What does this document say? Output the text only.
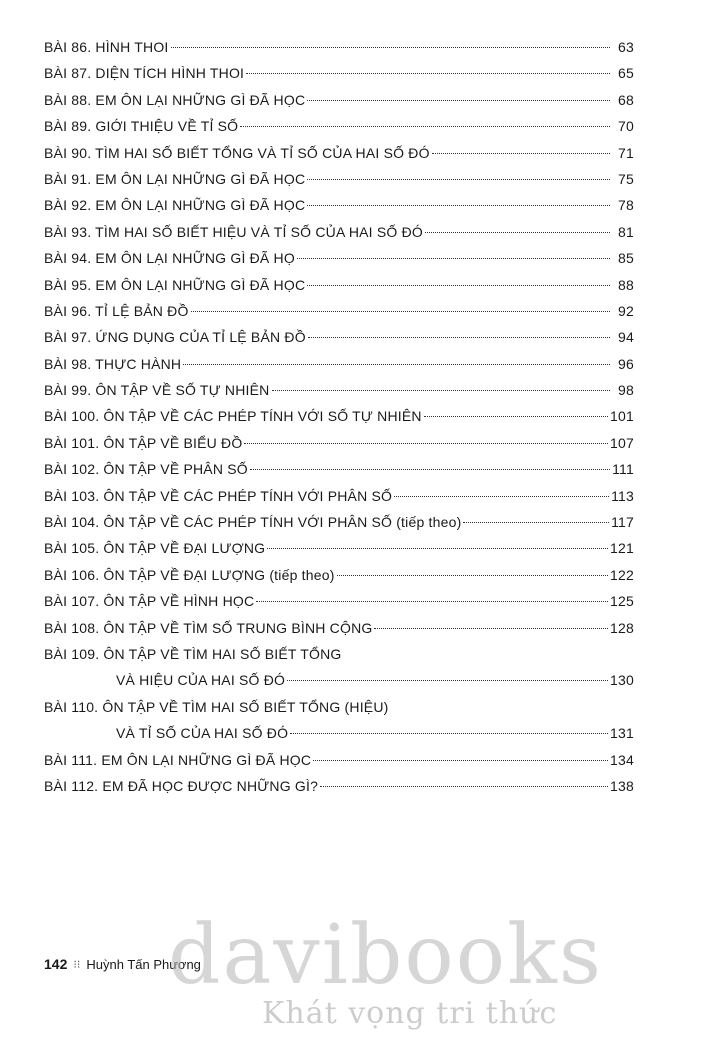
BÀI 86. HÌNH THOI	63
BÀI 87. DIỆN TÍCH HÌNH THOI	65
BÀI 88. EM ÔN LẠI NHỮNG GÌ ĐÃ HỌC	68
BÀI 89. GIỚI THIỆU VỀ TỈ SỐ	70
BÀI 90. TÌM HAI SỐ BIẾT TỔNG VÀ TỈ SỐ CỦA HAI SỐ ĐÓ	71
BÀI 91. EM ÔN LẠI NHỮNG GÌ ĐÃ HỌC	75
BÀI 92. EM ÔN LẠI NHỮNG GÌ ĐÃ HỌC	78
BÀI 93. TÌM HAI SỐ BIẾT HIỆU VÀ TỈ SỐ CỦA HAI SỐ ĐÓ	81
BÀI 94. EM ÔN LẠI NHỮNG GÌ ĐÃ HỌ	85
BÀI 95. EM ÔN LẠI NHỮNG GÌ ĐÃ HỌC	88
BÀI 96. TỈ LỆ BẢN ĐỒ	92
BÀI 97. ỨNG DỤNG CỦA TỈ LỆ BẢN ĐỒ	94
BÀI 98. THỰC HÀNH	96
BÀI 99. ÔN TẬP VỀ SỐ TỰ NHIÊN	98
BÀI 100. ÔN TẬP VỀ CÁC PHÉP TÍNH VỚI SỐ TỰ NHIÊN	101
BÀI 101. ÔN TẬP VỀ BIỂU ĐỒ	107
BÀI 102. ÔN TẬP VỀ PHÂN SỐ	111
BÀI 103. ÔN TẬP VỀ CÁC PHÉP TÍNH VỚI PHÂN SỐ	113
BÀI 104. ÔN TẬP VỀ CÁC PHÉP TÍNH VỚI PHÂN SỐ (tiếp theo)	117
BÀI 105. ÔN TẬP VỀ ĐẠI LƯỢNG	121
BÀI 106. ÔN TẬP VỀ ĐẠI LƯỢNG (tiếp theo)	122
BÀI 107. ÔN TẬP VỀ HÌNH HỌC	125
BÀI 108. ÔN TẬP VỀ TÌM SỐ TRUNG BÌNH CỘNG	128
BÀI 109. ÔN TẬP VỀ TÌM HAI SỐ BIẾT TỔNG
VÀ HIỆU CỦA HAI SỐ ĐÓ	130
BÀI 110. ÔN TẬP VỀ TÌM HAI SỐ BIẾT TỔNG (HIỆU)
VÀ TỈ SỐ CỦA HAI SỐ ĐÓ	131
BÀI 111. EM ÔN LẠI NHỮNG GÌ ĐÃ HỌC	134
BÀI 112. EM ĐÃ HỌC ĐƯỢC NHỮNG GÌ?	138
142 ⁝⁝ Huỳnh Tấn Phương
davibooks
Khát vọng tri thức
